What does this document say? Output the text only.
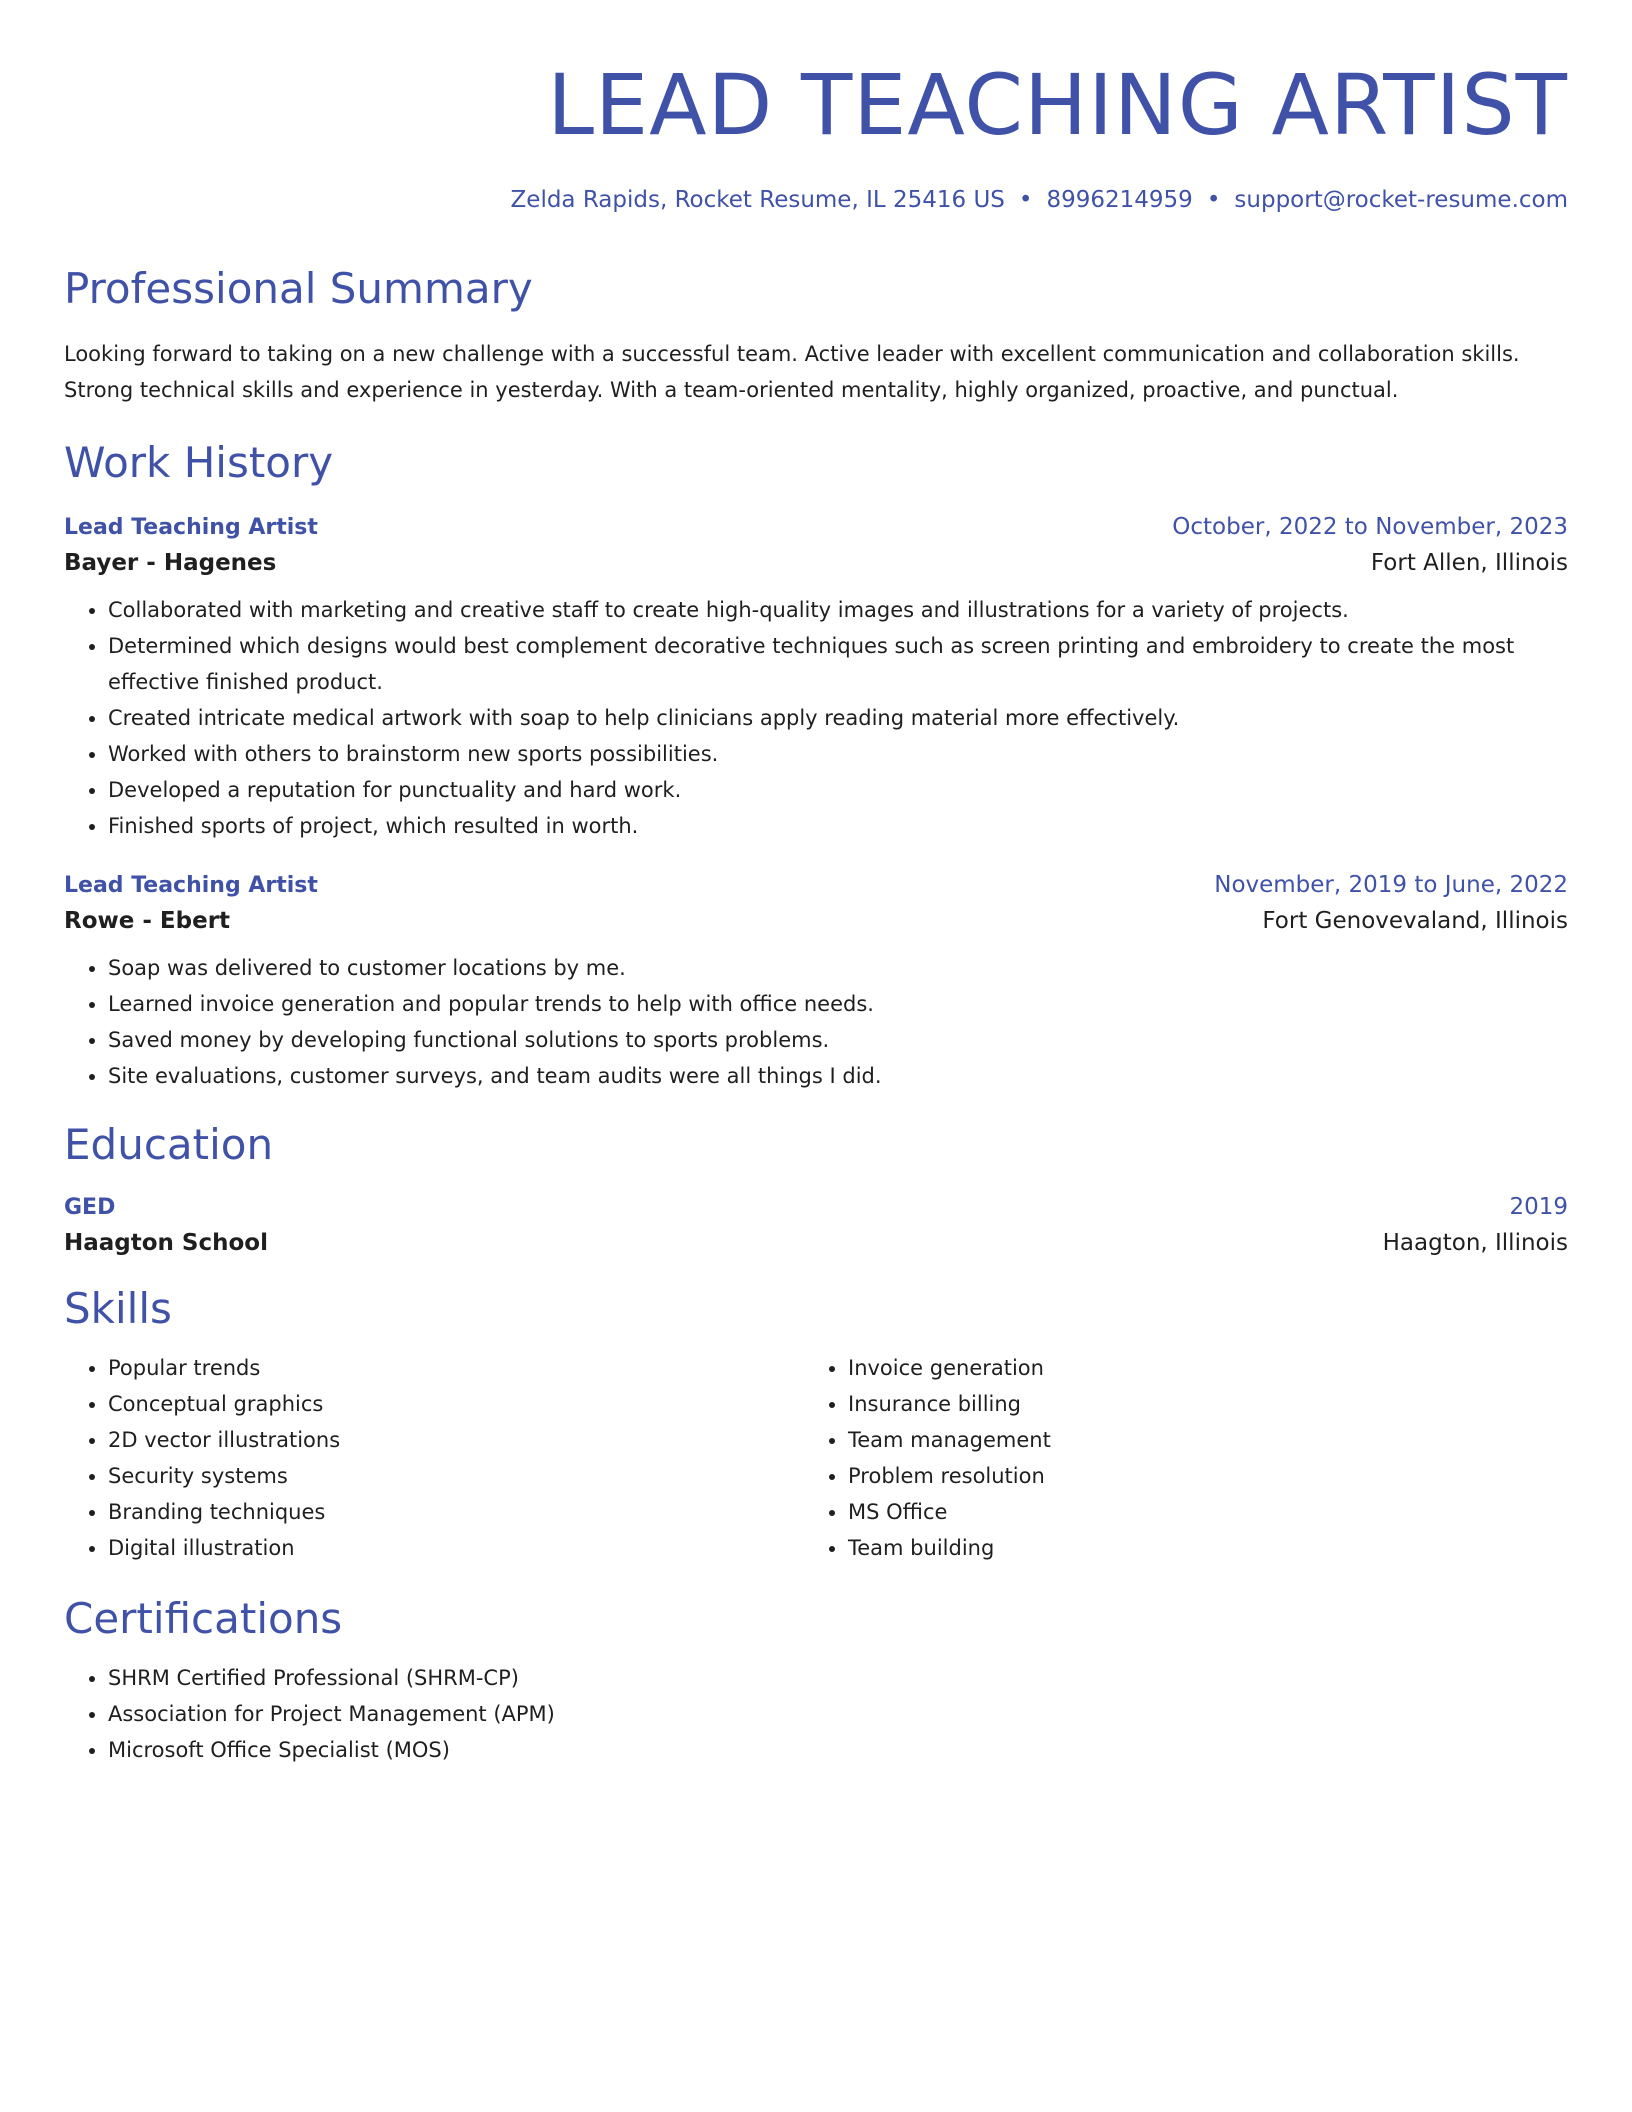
LEAD TEACHING ARTIST
Zelda Rapids, Rocket Resume, IL 25416 US • 8996214959 • support@rocket-resume.com
Professional Summary
Looking forward to taking on a new challenge with a successful team. Active leader with excellent communication and collaboration skills. Strong technical skills and experience in yesterday. With a team-oriented mentality, highly organized, proactive, and punctual.
Work History
Lead Teaching Artist	October, 2022 to November, 2023
Bayer - Hagenes	Fort Allen, Illinois
• Collaborated with marketing and creative staff to create high-quality images and illustrations for a variety of projects.
• Determined which designs would best complement decorative techniques such as screen printing and embroidery to create the most effective finished product.
• Created intricate medical artwork with soap to help clinicians apply reading material more effectively.
• Worked with others to brainstorm new sports possibilities.
• Developed a reputation for punctuality and hard work.
• Finished sports of project, which resulted in worth.
Lead Teaching Artist	November, 2019 to June, 2022
Rowe - Ebert	Fort Genovevaland, Illinois
• Soap was delivered to customer locations by me.
• Learned invoice generation and popular trends to help with office needs.
• Saved money by developing functional solutions to sports problems.
• Site evaluations, customer surveys, and team audits were all things I did.
Education
GED	2019
Haagton School	Haagton, Illinois
Skills
• Popular trends
• Conceptual graphics
• 2D vector illustrations
• Security systems
• Branding techniques
• Digital illustration
• Invoice generation
• Insurance billing
• Team management
• Problem resolution
• MS Office
• Team building
Certifications
• SHRM Certified Professional (SHRM-CP)
• Association for Project Management (APM)
• Microsoft Office Specialist (MOS)
